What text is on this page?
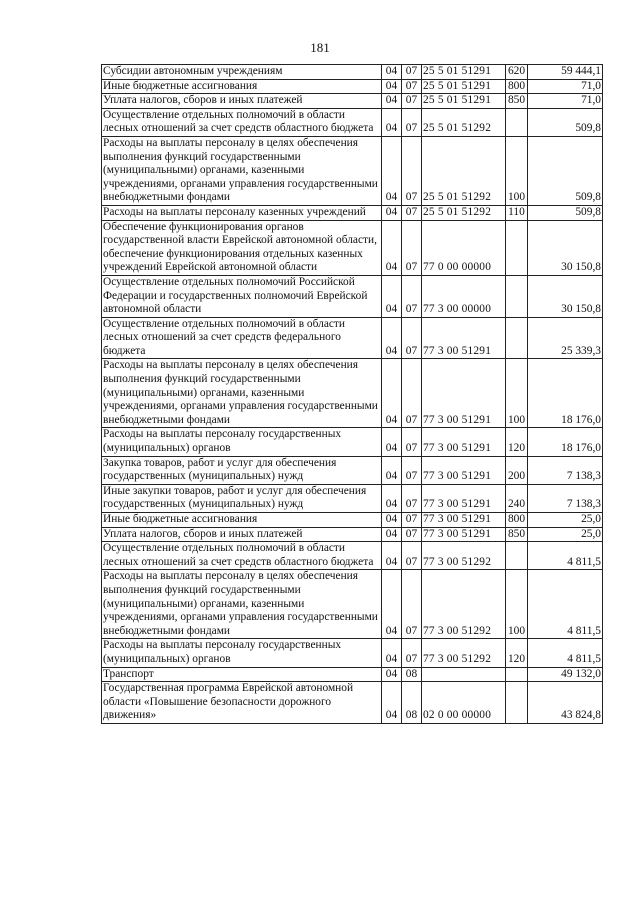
181
Субсидии автономным учреждениям	04	07	25 5 01 51291	620	59 444,1
Иные бюджетные ассигнования	04	07	25 5 01 51291	800	71,0
Уплата налогов, сборов и иных платежей	04	07	25 5 01 51291	850	71,0
Осуществление отдельных полномочий в области лесных отношений за счет средств областного бюджета	04	07	25 5 01 51292		509,8
Расходы на выплаты персоналу в целях обеспечения выполнения функций государственными (муниципальными) органами, казенными учреждениями, органами управления государственными внебюджетными фондами	04	07	25 5 01 51292	100	509,8
Расходы на выплаты персоналу казенных учреждений	04	07	25 5 01 51292	110	509,8
Обеспечение функционирования органов государственной власти Еврейской автономной области, обеспечение функционирования отдельных казенных учреждений Еврейской автономной области	04	07	77 0 00 00000		30 150,8
Осуществление отдельных полномочий Российской Федерации и государственных полномочий Еврейской автономной области	04	07	77 3 00 00000		30 150,8
Осуществление отдельных полномочий в области лесных отношений за счет средств федерального бюджета	04	07	77 3 00 51291		25 339,3
Расходы на выплаты персоналу в целях обеспечения выполнения функций государственными (муниципальными) органами, казенными учреждениями, органами управления государственными внебюджетными фондами	04	07	77 3 00 51291	100	18 176,0
Расходы на выплаты персоналу государственных (муниципальных) органов	04	07	77 3 00 51291	120	18 176,0
Закупка товаров, работ и услуг для обеспечения государственных (муниципальных) нужд	04	07	77 3 00 51291	200	7 138,3
Иные закупки товаров, работ и услуг для обеспечения государственных (муниципальных) нужд	04	07	77 3 00 51291	240	7 138,3
Иные бюджетные ассигнования	04	07	77 3 00 51291	800	25,0
Уплата налогов, сборов и иных платежей	04	07	77 3 00 51291	850	25,0
Осуществление отдельных полномочий в области лесных отношений за счет средств областного бюджета	04	07	77 3 00 51292		4 811,5
Расходы на выплаты персоналу в целях обеспечения выполнения функций государственными (муниципальными) органами, казенными учреждениями, органами управления государственными внебюджетными фондами	04	07	77 3 00 51292	100	4 811,5
Расходы на выплаты персоналу государственных (муниципальных) органов	04	07	77 3 00 51292	120	4 811,5
Транспорт	04	08			49 132,0
Государственная программа Еврейской автономной области «Повышение безопасности дорожного движения»	04	08	02 0 00 00000		43 824,8
